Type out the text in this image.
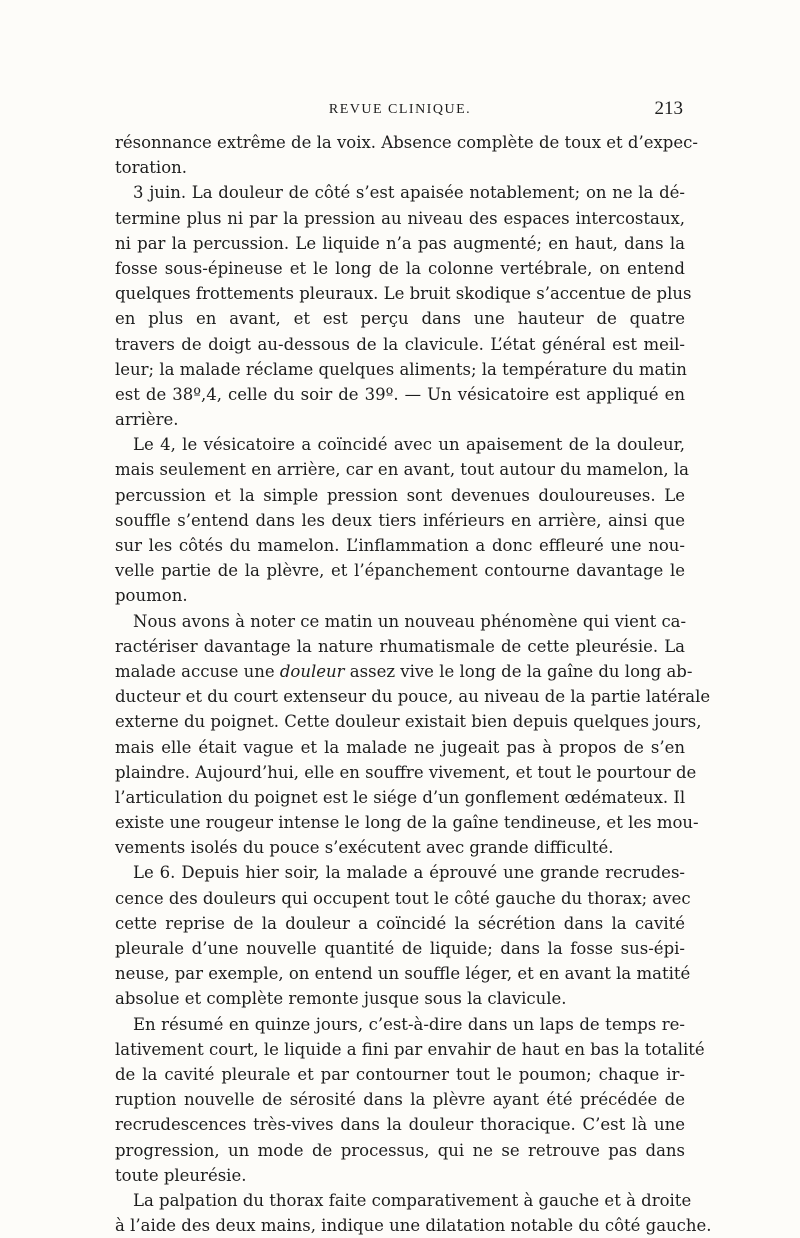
REVUE CLINIQUE.	213
résonnance extrême de la voix. Absence complète de toux et d’expec-
toration.
3 juin. La douleur de côté s’est apaisée notablement; on ne la dé-
termine plus ni par la pression au niveau des espaces intercostaux,
ni par la percussion. Le liquide n’a pas augmenté; en haut, dans la
fosse sous-épineuse et le long de la colonne vertébrale, on entend
quelques frottements pleuraux. Le bruit skodique s’accentue de plus
en plus en avant, et est perçu dans une hauteur de quatre
travers de doigt au-dessous de la clavicule. L’état général est meil-
leur; la malade réclame quelques aliments; la température du matin
est de 38º,4, celle du soir de 39º. — Un vésicatoire est appliqué en
arrière.
Le 4, le vésicatoire a coïncidé avec un apaisement de la douleur,
mais seulement en arrière, car en avant, tout autour du mamelon, la
percussion et la simple pression sont devenues douloureuses. Le
souffle s’entend dans les deux tiers inférieurs en arrière, ainsi que
sur les côtés du mamelon. L’inflammation a donc effleuré une nou-
velle partie de la plèvre, et l’épanchement contourne davantage le
poumon.
Nous avons à noter ce matin un nouveau phénomène qui vient ca-
ractériser davantage la nature rhumatismale de cette pleurésie. La
malade accuse une douleur assez vive le long de la gaîne du long ab-
ducteur et du court extenseur du pouce, au niveau de la partie latérale
externe du poignet. Cette douleur existait bien depuis quelques jours,
mais elle était vague et la malade ne jugeait pas à propos de s’en
plaindre. Aujourd’hui, elle en souffre vivement, et tout le pourtour de
l’articulation du poignet est le siége d’un gonflement œdémateux. Il
existe une rougeur intense le long de la gaîne tendineuse, et les mou-
vements isolés du pouce s’exécutent avec grande difficulté.
Le 6. Depuis hier soir, la malade a éprouvé une grande recrudes-
cence des douleurs qui occupent tout le côté gauche du thorax; avec
cette reprise de la douleur a coïncidé la sécrétion dans la cavité
pleurale d’une nouvelle quantité de liquide; dans la fosse sus-épi-
neuse, par exemple, on entend un souffle léger, et en avant la matité
absolue et complète remonte jusque sous la clavicule.
En résumé en quinze jours, c’est-à-dire dans un laps de temps re-
lativement court, le liquide a fini par envahir de haut en bas la totalité
de la cavité pleurale et par contourner tout le poumon; chaque ir-
ruption nouvelle de sérosité dans la plèvre ayant été précédée de
recrudescences très-vives dans la douleur thoracique. C’est là une
progression, un mode de processus, qui ne se retrouve pas dans
toute pleurésie.
La palpation du thorax faite comparativement à gauche et à droite
à l’aide des deux mains, indique une dilatation notable du côté gauche.
